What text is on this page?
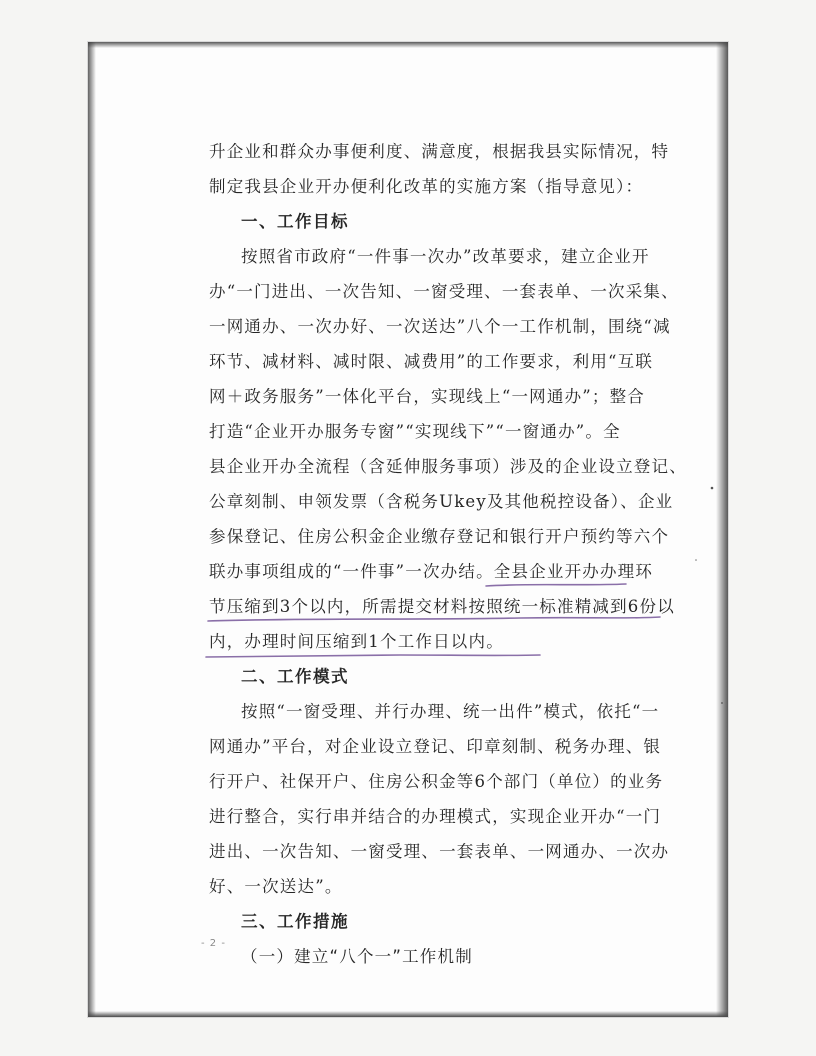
升企业和群众办事便利度、满意度，根据我县实际情况，特
制定我县企业开办便利化改革的实施方案（指导意见）：
一、工作目标
按照省市政府“一件事一次办”改革要求，建立企业开
办“一门进出、一次告知、一窗受理、一套表单、一次采集、
一网通办、一次办好、一次送达”八个一工作机制，围绕“减
环节、减材料、减时限、减费用”的工作要求，利用“互联
网＋政务服务”一体化平台，实现线上“一网通办”；整合
打造“企业开办服务专窗”“实现线下”“一窗通办”。全
县企业开办全流程（含延伸服务事项）涉及的企业设立登记、
公章刻制、申领发票（含税务Ukey及其他税控设备）、企业
参保登记、住房公积金企业缴存登记和银行开户预约等六个
联办事项组成的“一件事”一次办结。全县企业开办办理环
节压缩到3个以内，所需提交材料按照统一标准精减到6份以
内，办理时间压缩到1个工作日以内。
二、工作模式
按照“一窗受理、并行办理、统一出件”模式，依托“一
网通办”平台，对企业设立登记、印章刻制、税务办理、银
行开户、社保开户、住房公积金等6个部门（单位）的业务
进行整合，实行串并结合的办理模式，实现企业开办“一门
进出、一次告知、一窗受理、一套表单、一网通办、一次办
好、一次送达”。
三、工作措施
（一）建立“八个一”工作机制
- 2 -
